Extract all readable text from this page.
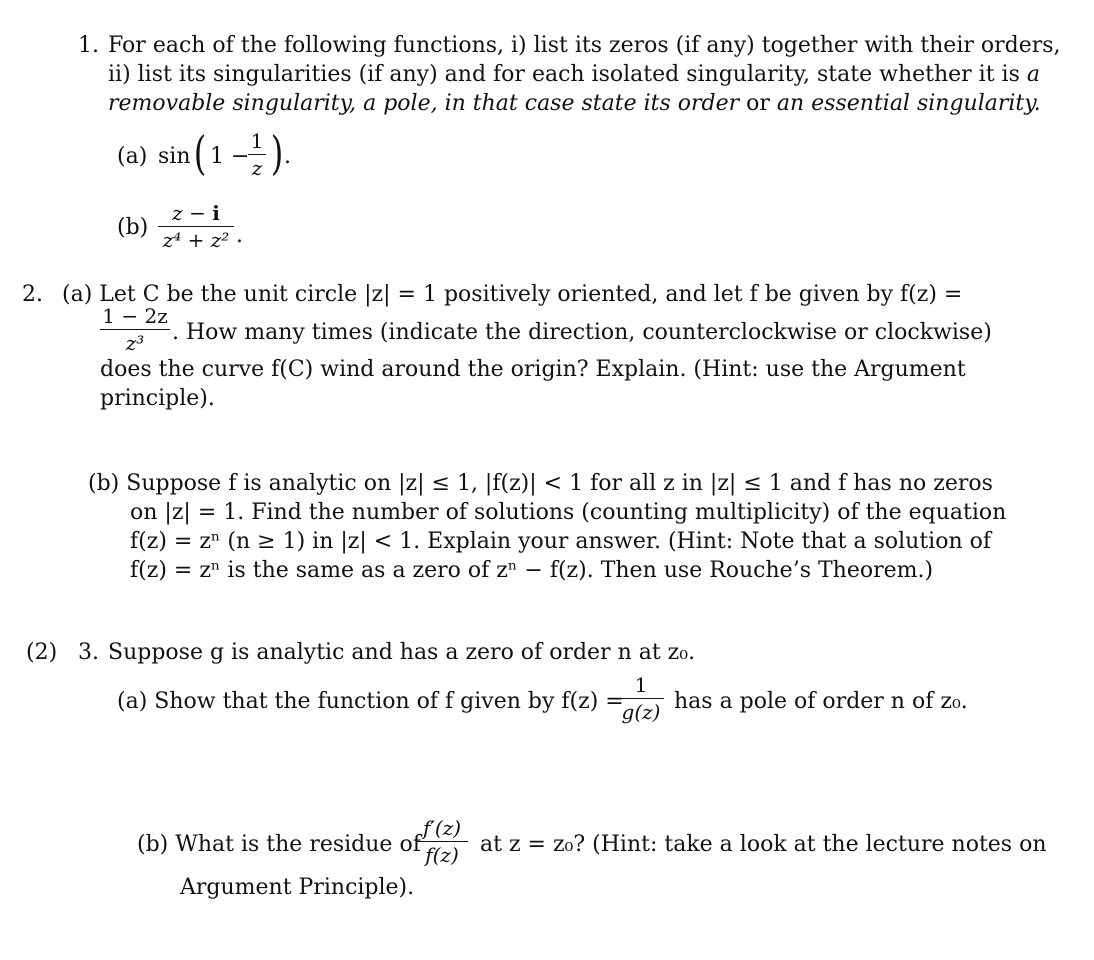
1. For each of the following functions, i) list its zeros (if any) together with their orders,
ii) list its singularities (if any) and for each isolated singularity, state whether it is a
removable singularity, a pole, in that case state its order or an essential singularity.
(a) sin ( 1 −
1
z ) .
(b)
z − i
z⁴ + z² .
2. (a) Let C be the unit circle |z| = 1 positively oriented, and let f be given by f(z) =
1 − 2z
z³	. How many times (indicate the direction, counterclockwise or clockwise)
does the curve f(C) wind around the origin? Explain. (Hint: use the Argument
principle).
(b) Suppose f is analytic on |z| ≤ 1, |f(z)| < 1 for all z in |z| ≤ 1 and f has no zeros
on |z| = 1. Find the number of solutions (counting multiplicity) of the equation
f(z) = zⁿ (n ≥ 1) in |z| < 1. Explain your answer. (Hint: Note that a solution of
f(z) = zⁿ is the same as a zero of zⁿ − f(z). Then use Rouche’s Theorem.)
(2) 3. Suppose g is analytic and has a zero of order n at z₀.
(a) Show that the function of f given by f(z) =
1
g(z) has a pole of order n of z₀.
(b) What is the residue of
f′(z)
f(z) at z = z₀? (Hint: take a look at the lecture notes on
Argument Principle).
